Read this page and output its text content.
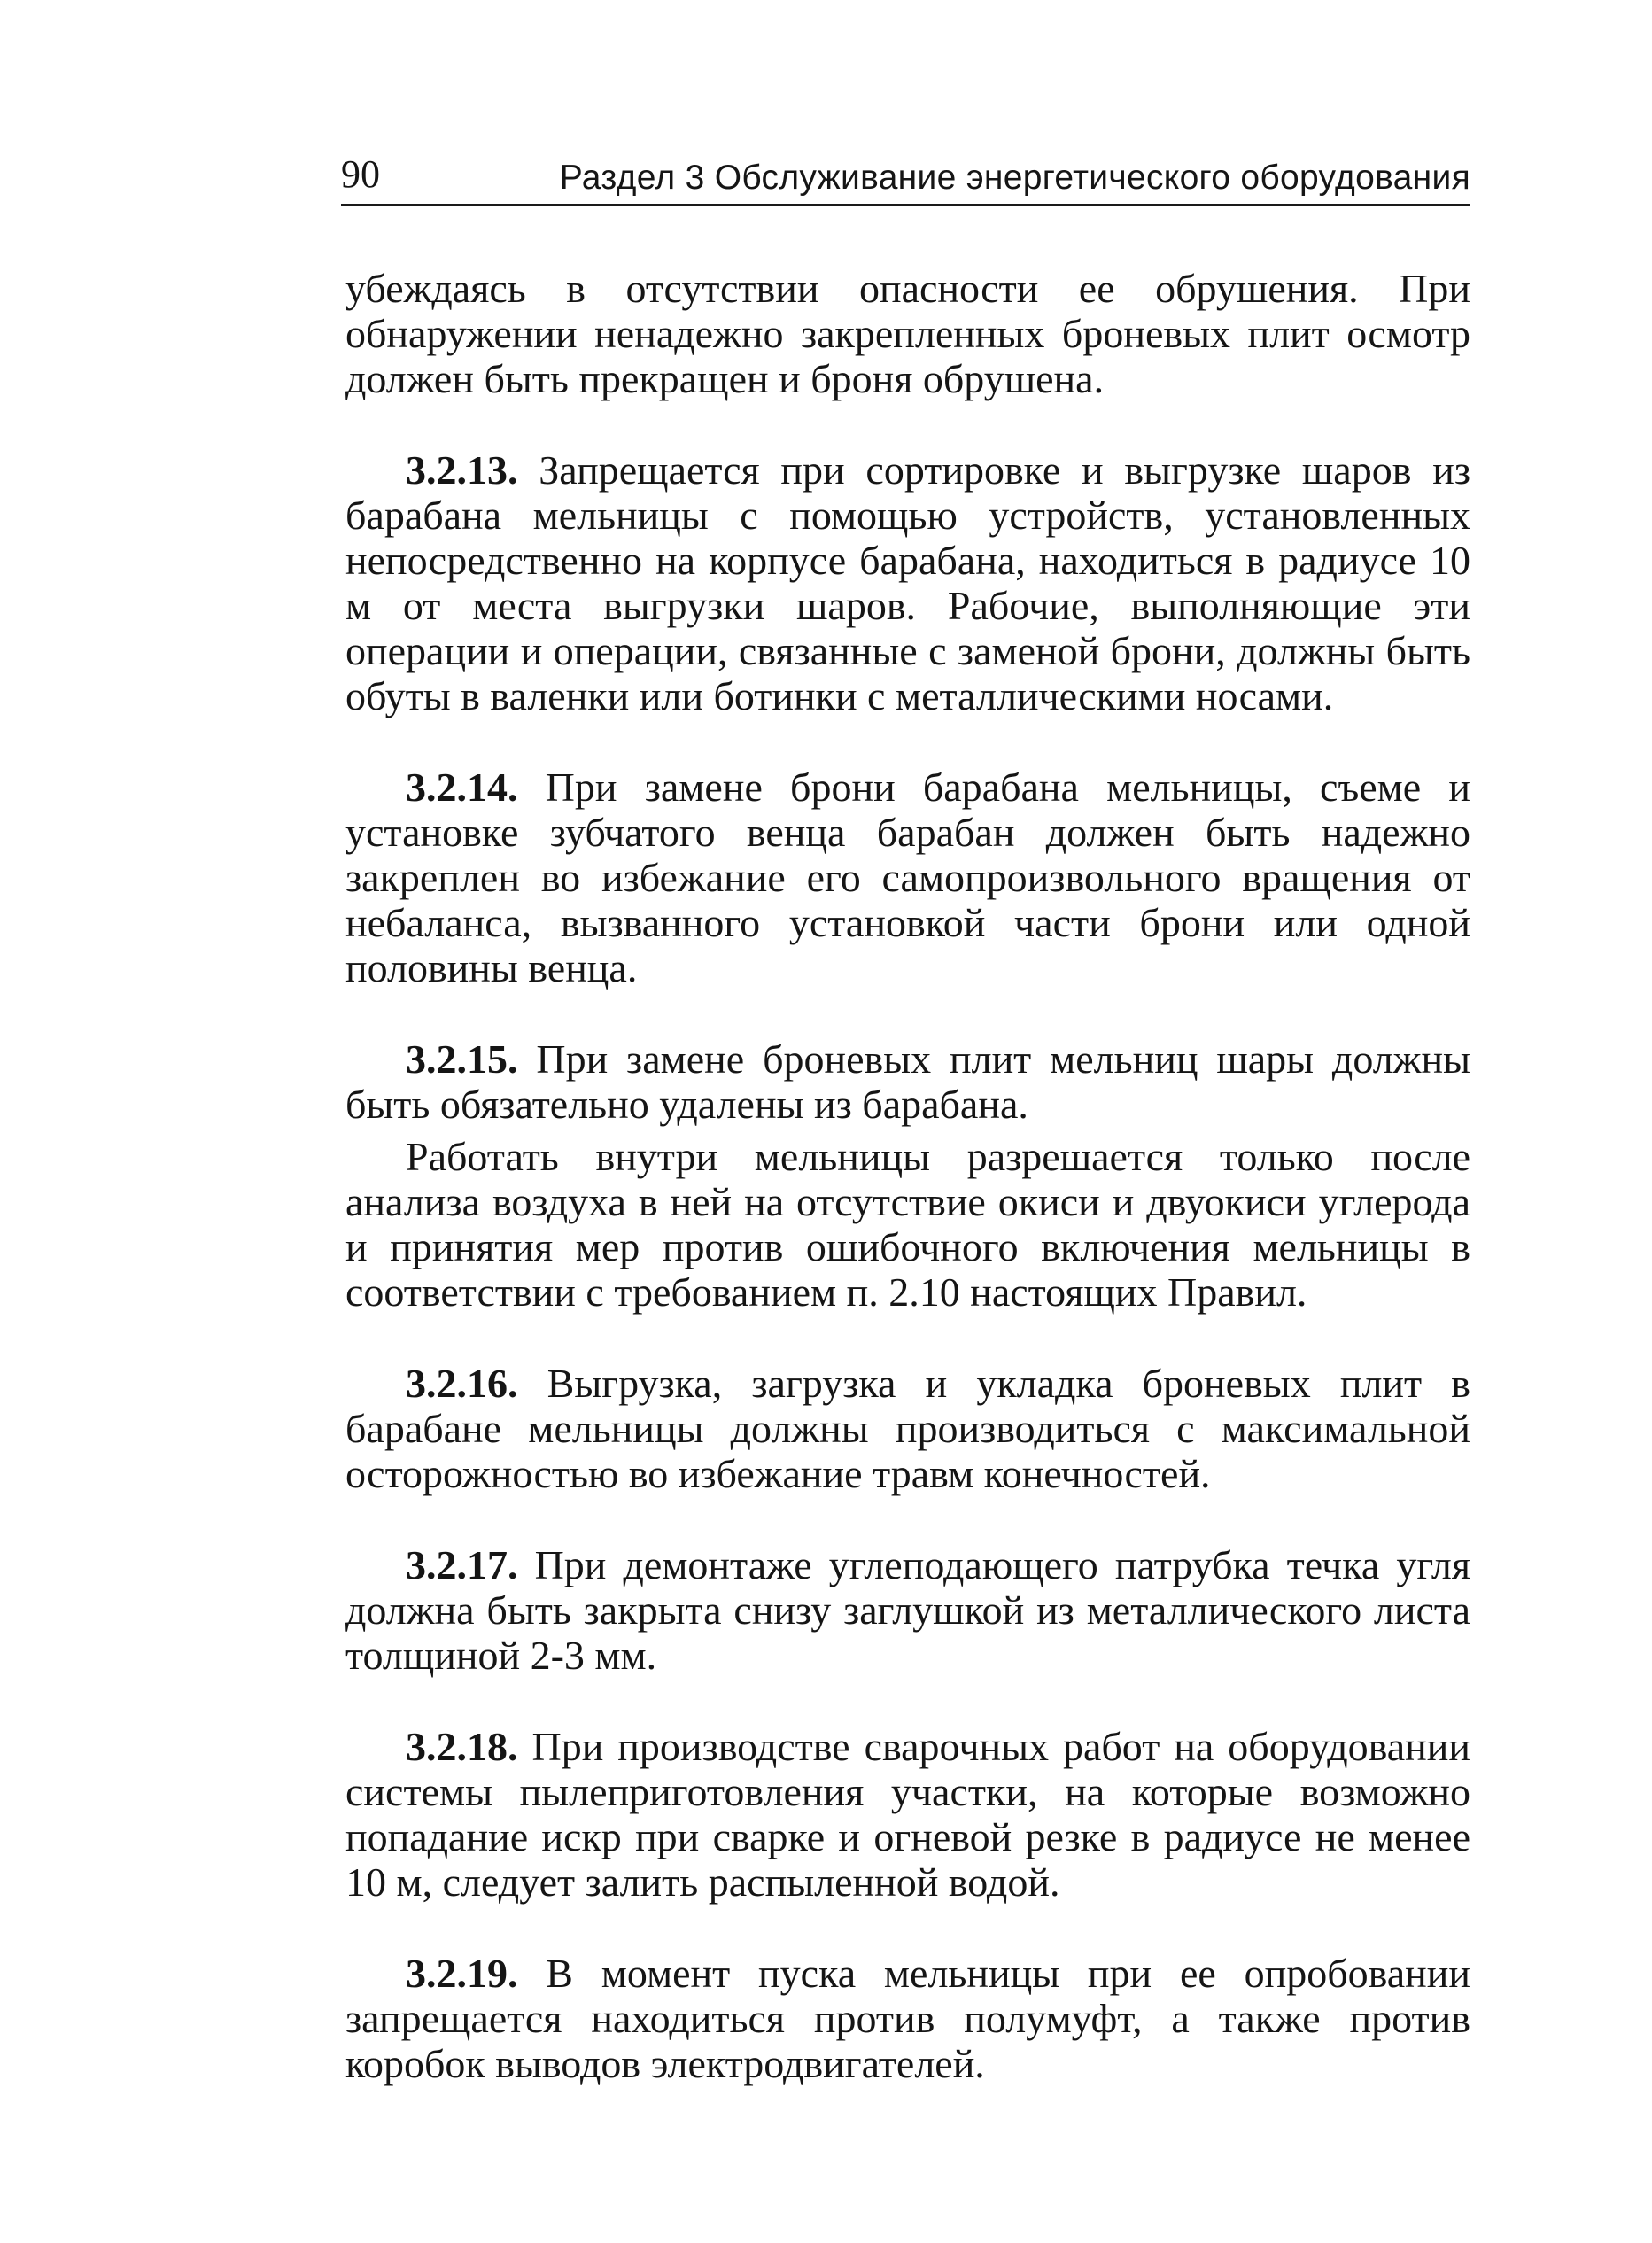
90	Раздел 3 Обслуживание энергетического оборудования

убеждаясь в отсутствии опасности ее обрушения. При обнаружении ненадежно закрепленных броневых плит осмотр должен быть прекращен и броня обрушена.

3.2.13. Запрещается при сортировке и выгрузке шаров из барабана мельницы с помощью устройств, установленных непосредственно на корпусе барабана, находиться в радиусе 10 м от места выгрузки шаров. Рабочие, выполняющие эти операции и операции, связанные с заменой брони, должны быть обуты в валенки или ботинки с металлическими носами.

3.2.14. При замене брони барабана мельницы, съеме и установке зубчатого венца барабан должен быть надежно закреплен во избежание его самопроизвольного вращения от небаланса, вызванного установкой части брони или одной половины венца.

3.2.15. При замене броневых плит мельниц шары должны быть обязательно удалены из барабана.

Работать внутри мельницы разрешается только после анализа воздуха в ней на отсутствие окиси и двуокиси углерода и принятия мер против ошибочного включения мельницы в соответствии с требованием п. 2.10 настоящих Правил.

3.2.16. Выгрузка, загрузка и укладка броневых плит в барабане мельницы должны производиться с максимальной осторожностью во избежание травм конечностей.

3.2.17. При демонтаже углеподающего патрубка течка угля должна быть закрыта снизу заглушкой из металлического листа толщиной 2-3 мм.

3.2.18. При производстве сварочных работ на оборудовании системы пылеприготовления участки, на которые возможно попадание искр при сварке и огневой резке в радиусе не менее 10 м, следует залить распыленной водой.

3.2.19. В момент пуска мельницы при ее опробовании запрещается находиться против полумуфт, а также против коробок выводов электродвигателей.
